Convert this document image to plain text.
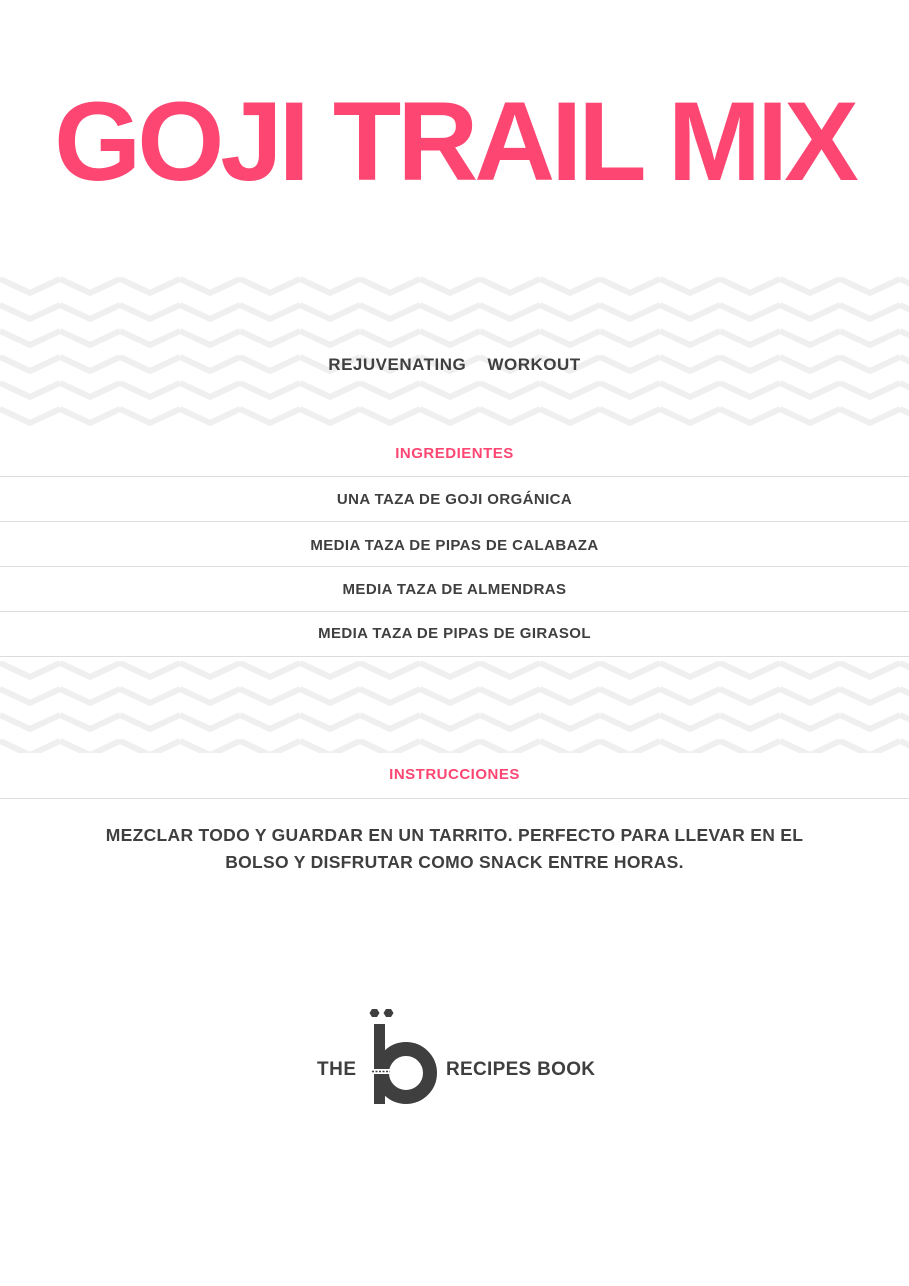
GOJI TRAIL MIX
REJUVENATING WORKOUT
INGREDIENTES
UNA TAZA DE GOJI ORGÁNICA
MEDIA TAZA DE PIPAS DE CALABAZA
MEDIA TAZA DE ALMENDRAS
MEDIA TAZA DE PIPAS DE GIRASOL
INSTRUCCIONES
MEZCLAR TODO Y GUARDAR EN UN TARRITO. PERFECTO PARA LLEVAR EN EL BOLSO Y DISFRUTAR COMO SNACK ENTRE HORAS.
THE	RECIPES BOOK
